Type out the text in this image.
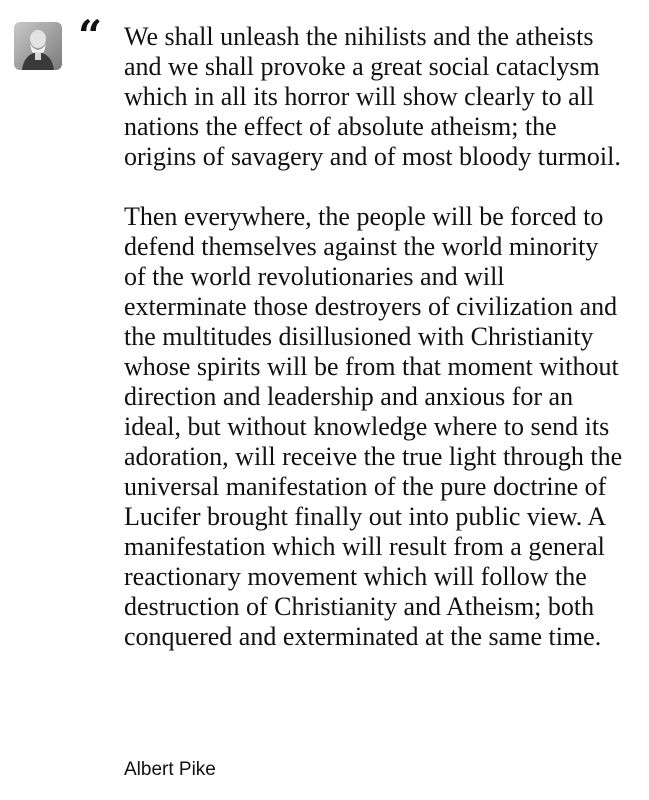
“ We shall unleash the nihilists and the atheists and we shall provoke a great social cataclysm which in all its horror will show clearly to all nations the effect of absolute atheism; the origins of savagery and of most bloody turmoil.

Then everywhere, the people will be forced to defend themselves against the world minority of the world revolutionaries and will exterminate those destroyers of civilization and the multitudes disillusioned with Christianity whose spirits will be from that moment without direction and leadership and anxious for an ideal, but without knowledge where to send its adoration, will receive the true light through the universal manifestation of the pure doctrine of Lucifer brought finally out into public view. A manifestation which will result from a general reactionary movement which will follow the destruction of Christianity and Atheism; both conquered and exterminated at the same time.

Albert Pike
